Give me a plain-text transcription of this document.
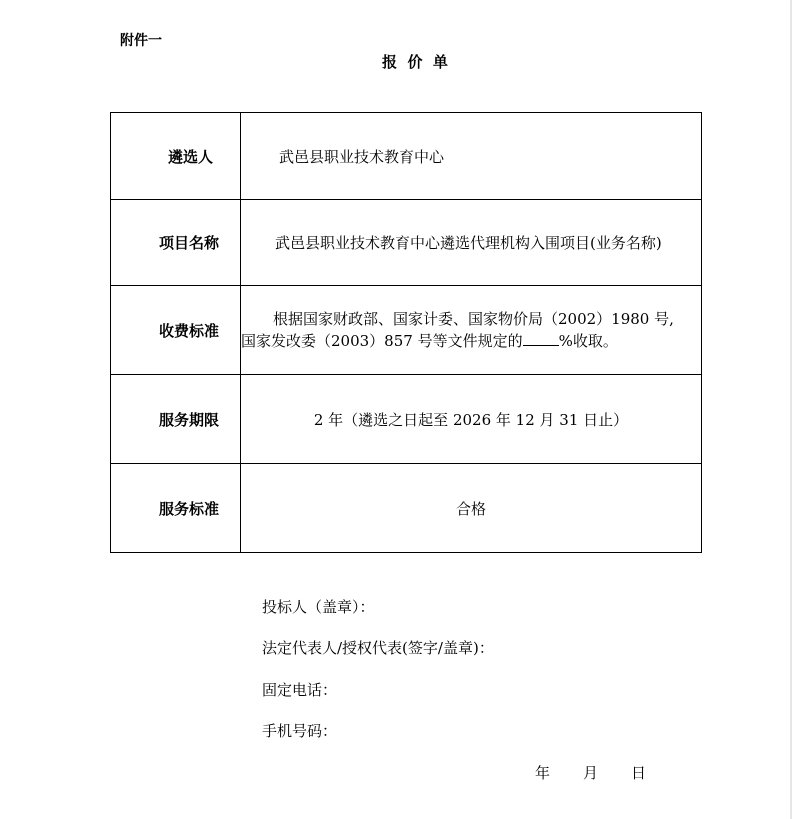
附件一
报  价  单
遴选人	武邑县职业技术教育中心

项目名称	武邑县职业技术教育中心遴选代理机构入围项目(业务名称)

收费标准	根据国家财政部、国家计委、国家物价局（2002）1980 号,
国家发改委（2003）857 号等文件规定的 %收取。

服务期限	2 年（遴选之日起至 2026 年 12 月 31 日止）

服务标准	合格
投标人（盖章）：
法定代表人/授权代表(签字/盖章)：
固定电话：
手机号码：
年 月 日
